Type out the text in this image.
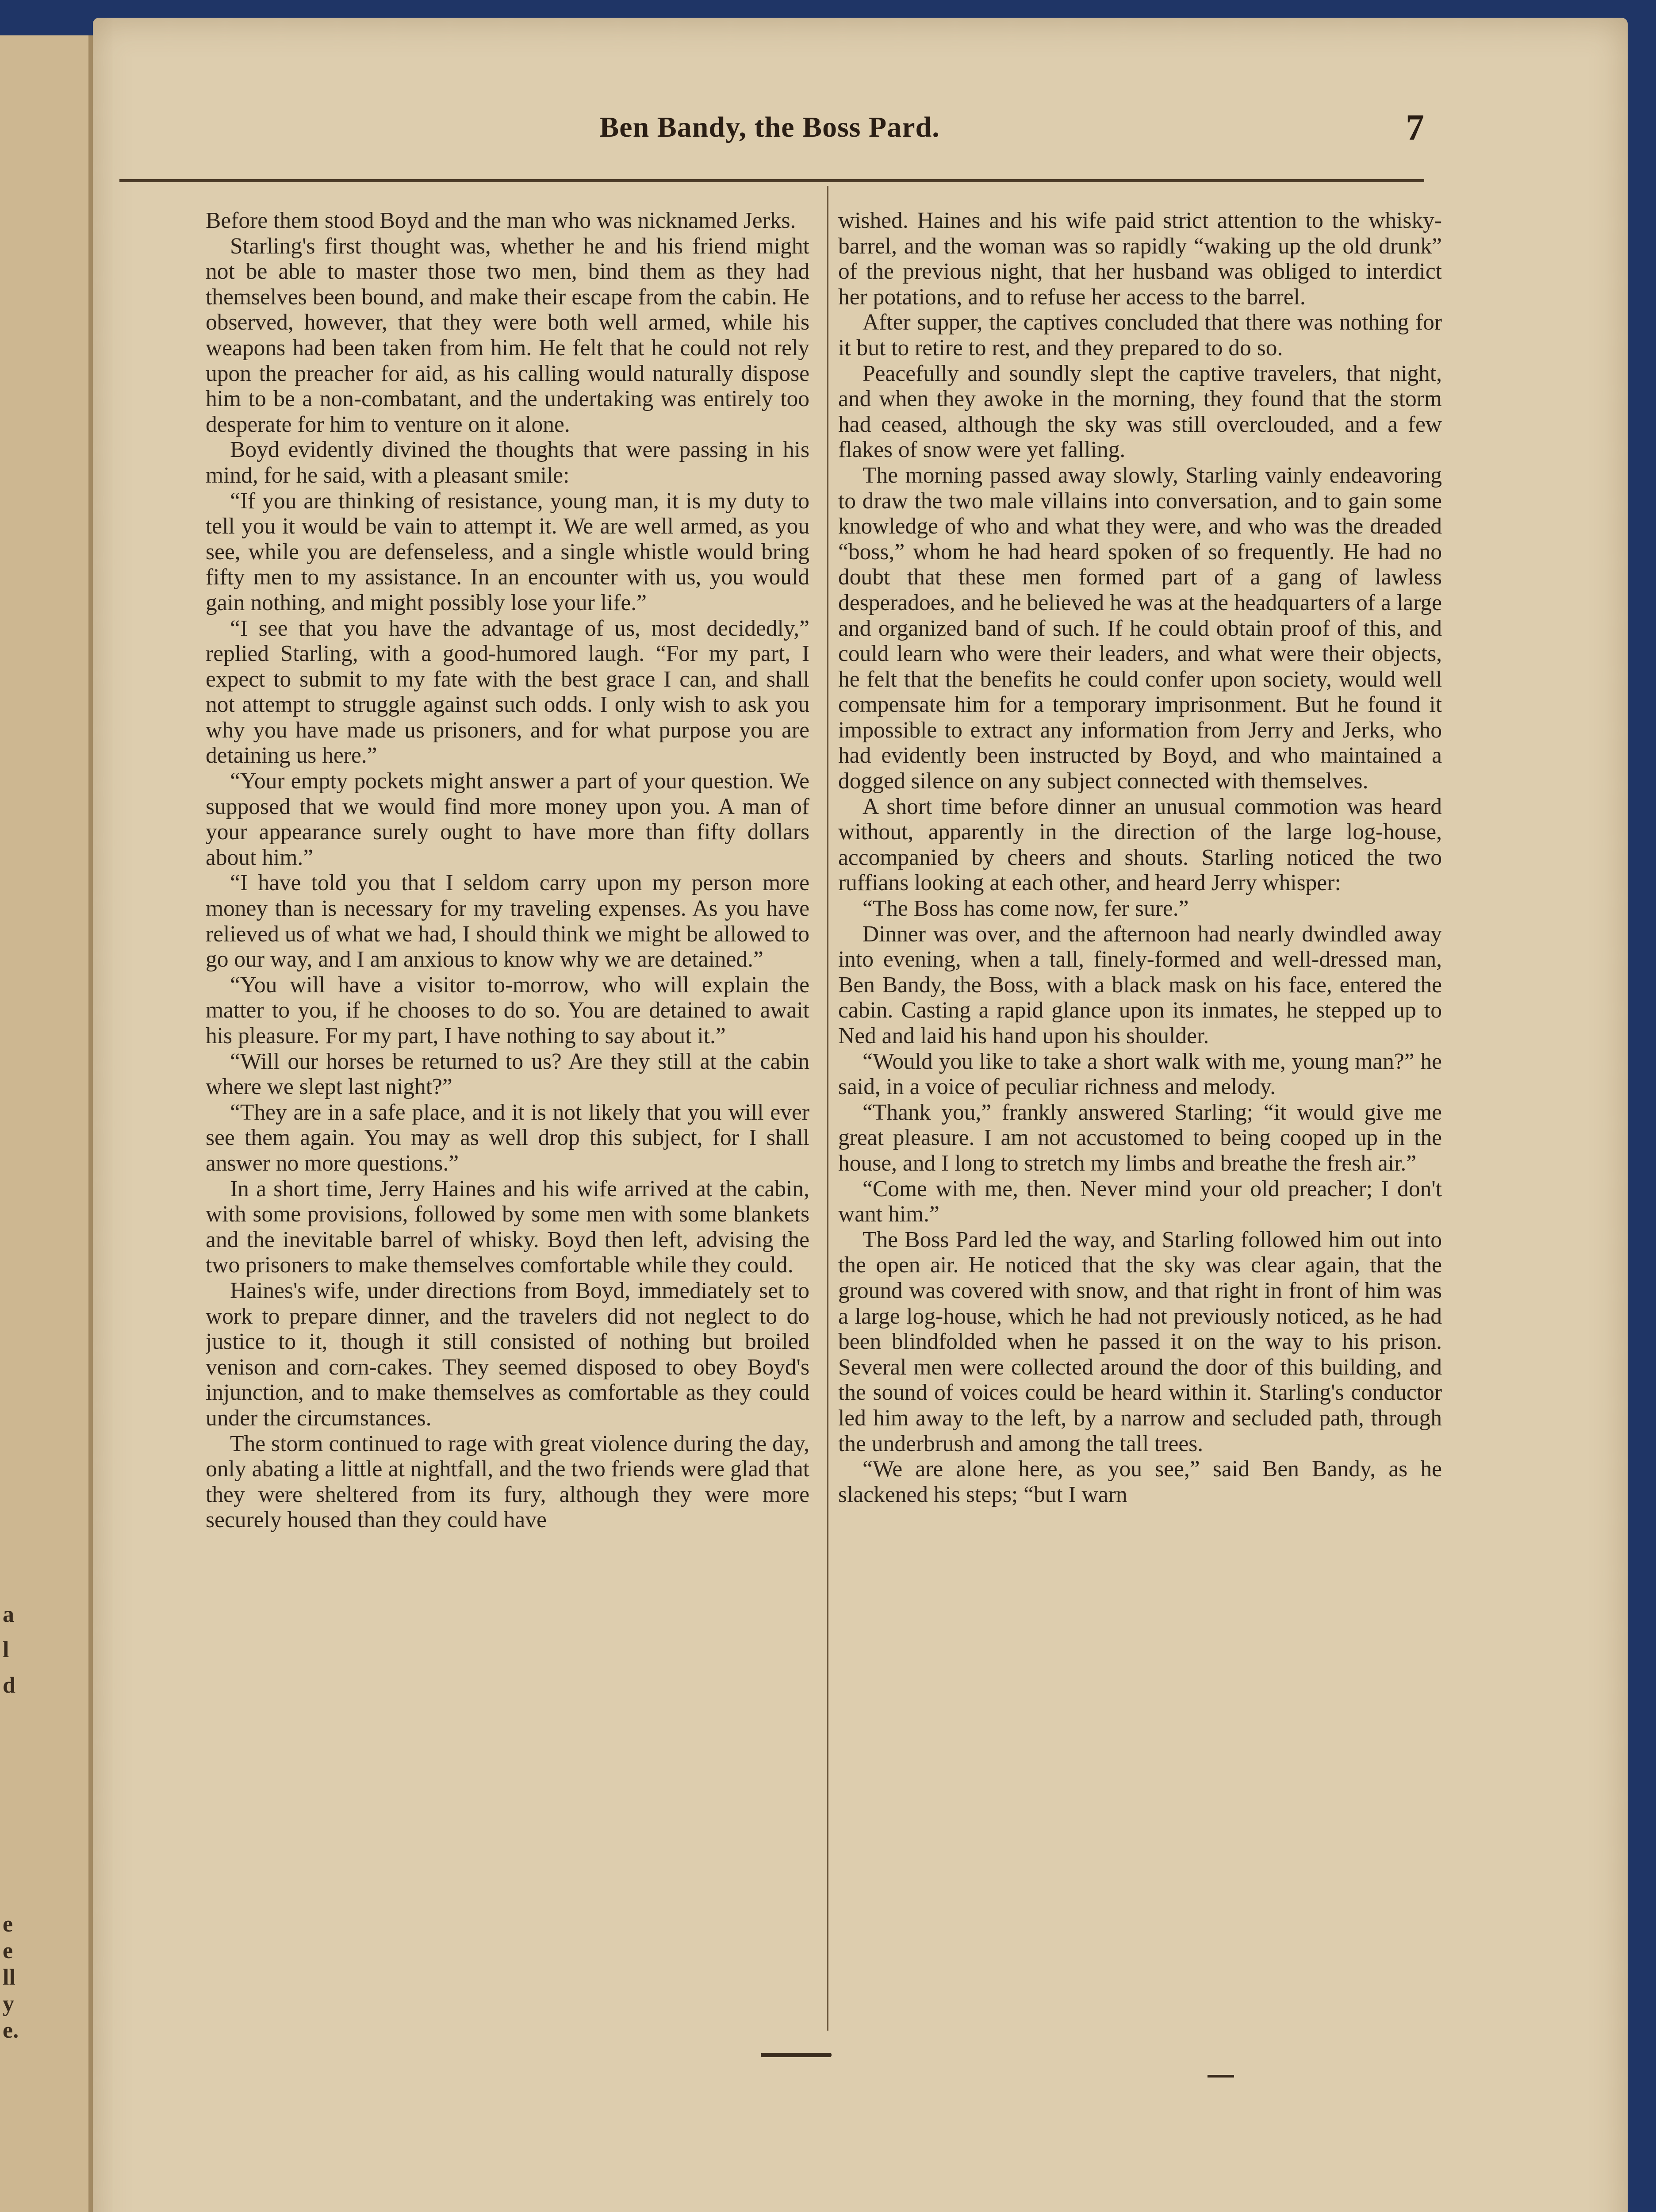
a
l
d
e
e
ll
y
e.
Ben Bandy, the Boss Pard.	7

Before them stood Boyd and the man who was nicknamed Jerks.

Starling's first thought was, whether he and his friend might not be able to master those two men, bind them as they had themselves been bound, and make their escape from the cabin. He observed, however, that they were both well armed, while his weapons had been taken from him. He felt that he could not rely upon the preacher for aid, as his calling would naturally dispose him to be a non-combatant, and the undertaking was entirely too desperate for him to venture on it alone.

Boyd evidently divined the thoughts that were passing in his mind, for he said, with a pleasant smile:

“If you are thinking of resistance, young man, it is my duty to tell you it would be vain to attempt it. We are well armed, as you see, while you are defenseless, and a single whistle would bring fifty men to my assistance. In an encounter with us, you would gain nothing, and might possibly lose your life.”

“I see that you have the advantage of us, most decidedly,” replied Starling, with a good-humored laugh. “For my part, I expect to submit to my fate with the best grace I can, and shall not attempt to struggle against such odds. I only wish to ask you why you have made us prisoners, and for what purpose you are detaining us here.”

“Your empty pockets might answer a part of your question. We supposed that we would find more money upon you. A man of your appearance surely ought to have more than fifty dollars about him.”

“I have told you that I seldom carry upon my person more money than is necessary for my traveling expenses. As you have relieved us of what we had, I should think we might be allowed to go our way, and I am anxious to know why we are detained.”

“You will have a visitor to-morrow, who will explain the matter to you, if he chooses to do so. You are detained to await his pleasure. For my part, I have nothing to say about it.”

“Will our horses be returned to us? Are they still at the cabin where we slept last night?”

“They are in a safe place, and it is not likely that you will ever see them again. You may as well drop this subject, for I shall answer no more questions.”

In a short time, Jerry Haines and his wife arrived at the cabin, with some provisions, followed by some men with some blankets and the inevitable barrel of whisky. Boyd then left, advising the two prisoners to make themselves comfortable while they could.

Haines's wife, under directions from Boyd, immediately set to work to prepare dinner, and the travelers did not neglect to do justice to it, though it still consisted of nothing but broiled venison and corn-cakes. They seemed disposed to obey Boyd's injunction, and to make themselves as comfortable as they could under the circumstances.

The storm continued to rage with great violence during the day, only abating a little at nightfall, and the two friends were glad that they were sheltered from its fury, although they were more securely housed than they could have

wished. Haines and his wife paid strict attention to the whisky-barrel, and the woman was so rapidly “waking up the old drunk” of the previous night, that her husband was obliged to interdict her potations, and to refuse her access to the barrel.

After supper, the captives concluded that there was nothing for it but to retire to rest, and they prepared to do so.

Peacefully and soundly slept the captive travelers, that night, and when they awoke in the morning, they found that the storm had ceased, although the sky was still overclouded, and a few flakes of snow were yet falling.

The morning passed away slowly, Starling vainly endeavoring to draw the two male villains into conversation, and to gain some knowledge of who and what they were, and who was the dreaded “boss,” whom he had heard spoken of so frequently. He had no doubt that these men formed part of a gang of lawless desperadoes, and he believed he was at the headquarters of a large and organized band of such. If he could obtain proof of this, and could learn who were their leaders, and what were their objects, he felt that the benefits he could confer upon society, would well compensate him for a temporary imprisonment. But he found it impossible to extract any information from Jerry and Jerks, who had evidently been instructed by Boyd, and who maintained a dogged silence on any subject connected with themselves.

A short time before dinner an unusual commotion was heard without, apparently in the direction of the large log-house, accompanied by cheers and shouts. Starling noticed the two ruffians looking at each other, and heard Jerry whisper:

“The Boss has come now, fer sure.”

Dinner was over, and the afternoon had nearly dwindled away into evening, when a tall, finely-formed and well-dressed man, Ben Bandy, the Boss, with a black mask on his face, entered the cabin. Casting a rapid glance upon its inmates, he stepped up to Ned and laid his hand upon his shoulder.

“Would you like to take a short walk with me, young man?” he said, in a voice of peculiar richness and melody.

“Thank you,” frankly answered Starling; “it would give me great pleasure. I am not accustomed to being cooped up in the house, and I long to stretch my limbs and breathe the fresh air.”

“Come with me, then. Never mind your old preacher; I don't want him.”

The Boss Pard led the way, and Starling followed him out into the open air. He noticed that the sky was clear again, that the ground was covered with snow, and that right in front of him was a large log-house, which he had not previously noticed, as he had been blindfolded when he passed it on the way to his prison. Several men were collected around the door of this building, and the sound of voices could be heard within it. Starling's conductor led him away to the left, by a narrow and secluded path, through the underbrush and among the tall trees.

“We are alone here, as you see,” said Ben Bandy, as he slackened his steps; “but I warn
